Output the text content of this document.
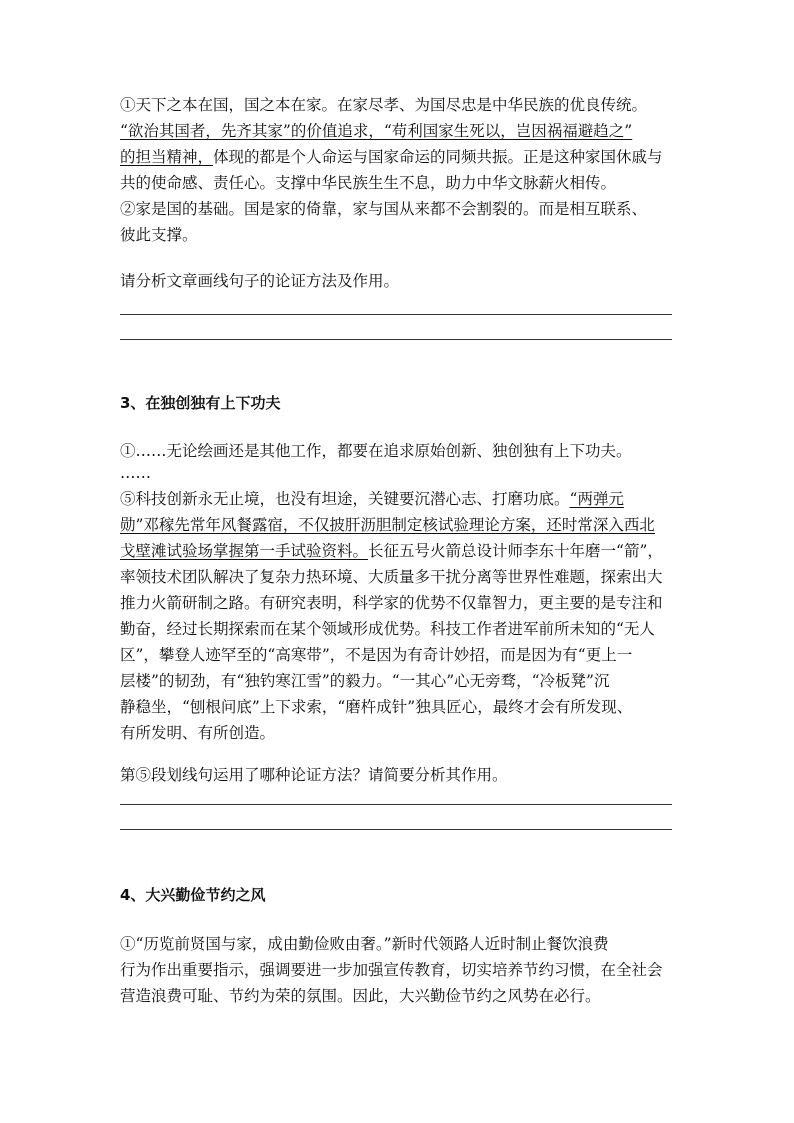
①天下之本在国，国之本在家。在家尽孝、为国尽忠是中华民族的优良传统。
“欲治其国者，先齐其家”的价值追求，“苟利国家生死以，岂因祸福避趋之”
的担当精神，体现的都是个人命运与国家命运的同频共振。正是这种家国休戚与
共的使命感、责任心。支撑中华民族生生不息，助力中华文脉薪火相传。
②家是国的基础。国是家的倚靠，家与国从来都不会割裂的。而是相互联系、
彼此支撑。
请分析文章画线句子的论证方法及作用。
3、在独创独有上下功夫
①……无论绘画还是其他工作，都要在追求原始创新、独创独有上下功夫。
……
⑤科技创新永无止境，也没有坦途，关键要沉潜心志、打磨功底。“两弹元
勋”邓稼先常年风餐露宿，不仅披肝沥胆制定核试验理论方案，还时常深入西北
戈壁滩试验场掌握第一手试验资料。长征五号火箭总设计师李东十年磨一“箭”，
率领技术团队解决了复杂力热环境、大质量多干扰分离等世界性难题，探索出大
推力火箭研制之路。有研究表明，科学家的优势不仅靠智力，更主要的是专注和
勤奋，经过长期探索而在某个领域形成优势。科技工作者进军前所未知的“无人
区”，攀登人迹罕至的“高寒带”，不是因为有奇计妙招，而是因为有“更上一
层楼”的韧劲，有“独钓寒江雪”的毅力。“一其心”心无旁骛，“冷板凳”沉
静稳坐，“刨根问底”上下求索，“磨杵成针”独具匠心，最终才会有所发现、
有所发明、有所创造。
第⑤段划线句运用了哪种论证方法？请简要分析其作用。
4、大兴勤俭节约之风
①“历览前贤国与家，成由勤俭败由奢。”新时代领路人近时制止餐饮浪费
行为作出重要指示，强调要进一步加强宣传教育，切实培养节约习惯，在全社会
营造浪费可耻、节约为荣的氛围。因此，大兴勤俭节约之风势在必行。
